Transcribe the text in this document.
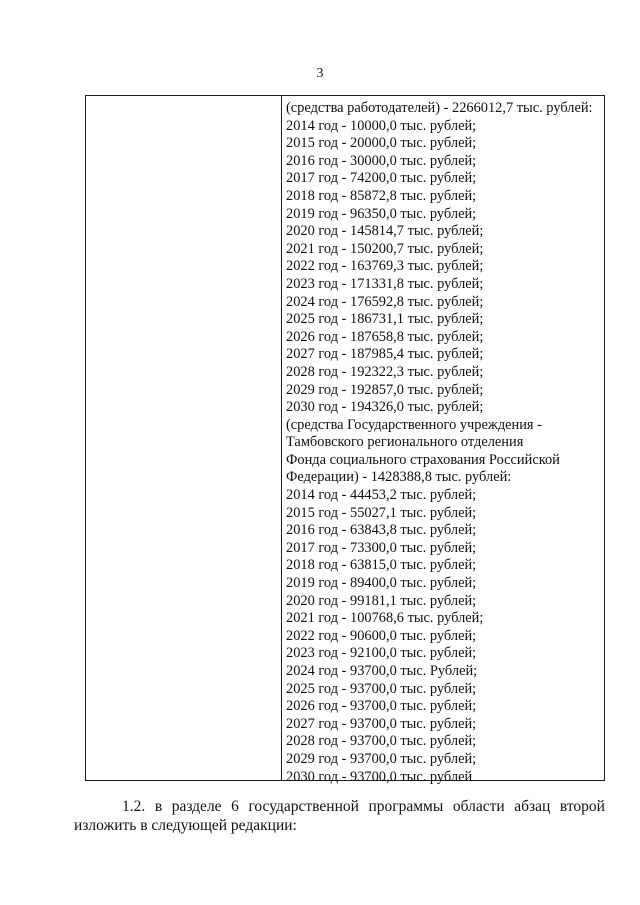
3
(средства работодателей) - 2266012,7 тыс. рублей:
2014 год - 10000,0 тыс. рублей;
2015 год - 20000,0 тыс. рублей;
2016 год - 30000,0 тыс. рублей;
2017 год - 74200,0 тыс. рублей;
2018 год - 85872,8 тыс. рублей;
2019 год - 96350,0 тыс. рублей;
2020 год - 145814,7 тыс. рублей;
2021 год - 150200,7 тыс. рублей;
2022 год - 163769,3 тыс. рублей;
2023 год - 171331,8 тыс. рублей;
2024 год - 176592,8 тыс. рублей;
2025 год - 186731,1 тыс. рублей;
2026 год - 187658,8 тыс. рублей;
2027 год - 187985,4 тыс. рублей;
2028 год - 192322,3 тыс. рублей;
2029 год - 192857,0 тыс. рублей;
2030 год - 194326,0 тыс. рублей;
(средства Государственного учреждения -
Тамбовского регионального отделения
Фонда социального страхования Российской
Федерации) - 1428388,8 тыс. рублей:
2014 год - 44453,2 тыс. рублей;
2015 год - 55027,1 тыс. рублей;
2016 год - 63843,8 тыс. рублей;
2017 год - 73300,0 тыс. рублей;
2018 год - 63815,0 тыс. рублей;
2019 год - 89400,0 тыс. рублей;
2020 год - 99181,1 тыс. рублей;
2021 год - 100768,6 тыс. рублей;
2022 год - 90600,0 тыс. рублей;
2023 год - 92100,0 тыс. рублей;
2024 год - 93700,0 тыс. Рублей;
2025 год - 93700,0 тыс. рублей;
2026 год - 93700,0 тыс. рублей;
2027 год - 93700,0 тыс. рублей;
2028 год - 93700,0 тыс. рублей;
2029 год - 93700,0 тыс. рублей;
2030 год - 93700,0 тыс. рублей
1.2. в разделе 6 государственной программы области абзац второй
изложить в следующей редакции:
